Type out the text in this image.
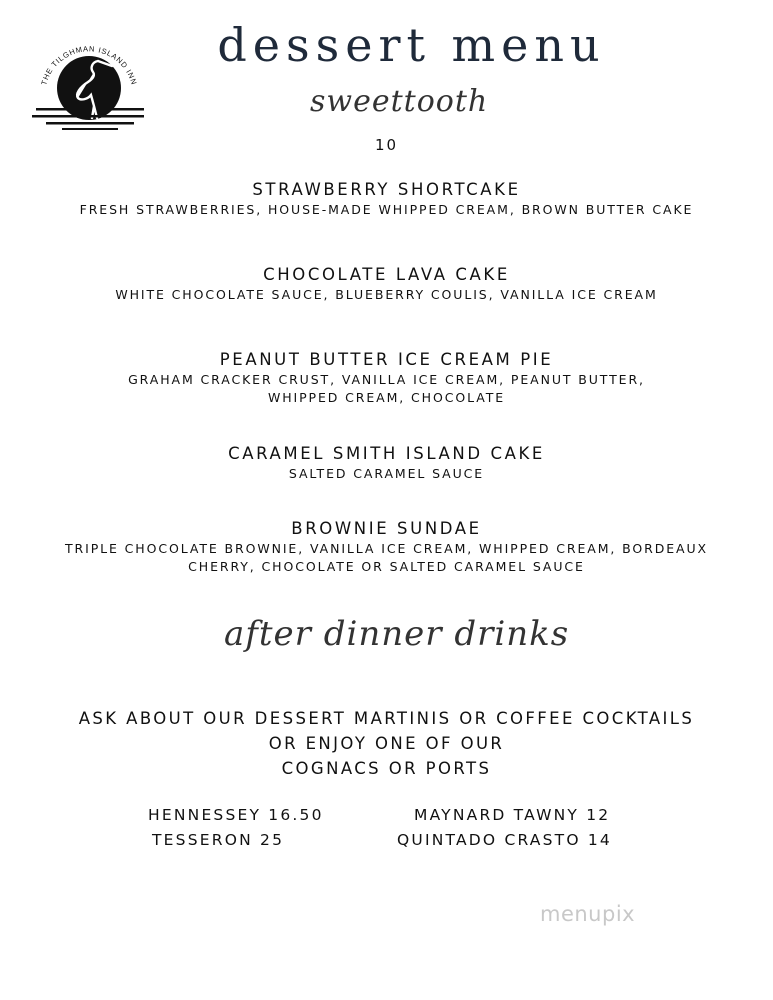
THE TILGHMAN ISLAND INN
dessert menu
sweettooth
10
STRAWBERRY SHORTCAKE
FRESH STRAWBERRIES, HOUSE-MADE WHIPPED CREAM, BROWN BUTTER CAKE
CHOCOLATE LAVA CAKE
WHITE CHOCOLATE SAUCE, BLUEBERRY COULIS, VANILLA ICE CREAM
PEANUT BUTTER ICE CREAM PIE
GRAHAM CRACKER CRUST, VANILLA ICE CREAM, PEANUT BUTTER,
WHIPPED CREAM, CHOCOLATE
CARAMEL SMITH ISLAND CAKE
SALTED CARAMEL SAUCE
BROWNIE SUNDAE
TRIPLE CHOCOLATE BROWNIE, VANILLA ICE CREAM, WHIPPED CREAM, BORDEAUX
CHERRY, CHOCOLATE OR SALTED CARAMEL SAUCE
after dinner drinks
ASK ABOUT OUR DESSERT MARTINIS OR COFFEE COCKTAILS
OR ENJOY ONE OF OUR
COGNACS OR PORTS
HENNESSEY 16.50	MAYNARD TAWNY 12
TESSERON 25	QUINTADO CRASTO 14
menupix
